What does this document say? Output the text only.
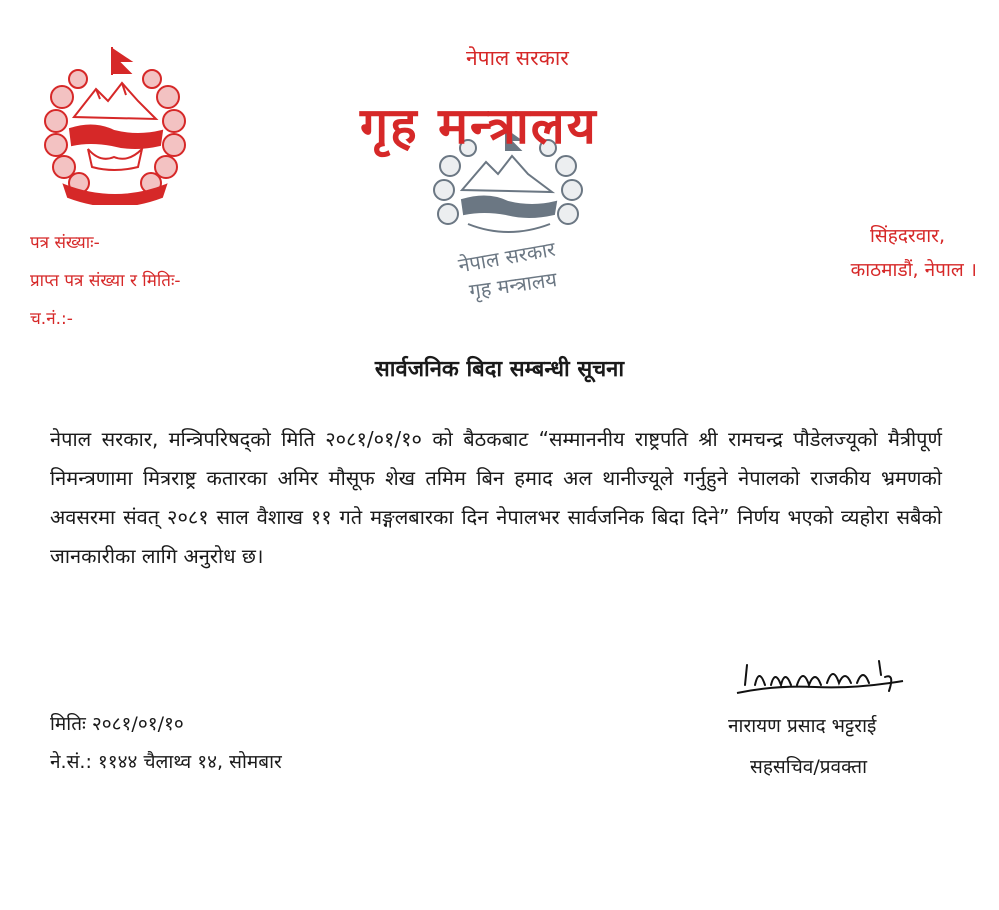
नेपाल सरकार
गृह मन्त्रालय
नेपाल सरकार
गृह मन्त्रालय
पत्र संख्याः-
प्राप्त पत्र संख्या र मितिः-
च.नं.:-
सिंहदरवार,
काठमाडौं, नेपाल ।
सार्वजनिक बिदा सम्बन्धी सूचना

नेपाल सरकार, मन्त्रिपरिषद्को मिति २०८१/०१/१० को बैठकबाट “सम्माननीय राष्ट्रपति श्री रामचन्द्र पौडेलज्यूको मैत्रीपूर्ण निमन्त्रणामा मित्रराष्ट्र कतारका अमिर मौसूफ शेख तमिम बिन हमाद अल थानीज्यूले गर्नुहुने नेपालको राजकीय भ्रमणको अवसरमा संवत् २०८१ साल वैशाख ११ गते मङ्गलबारका दिन नेपालभर सार्वजनिक बिदा दिने” निर्णय भएको व्यहोरा सबैको जानकारीका लागि अनुरोध छ।

मितिः २०८१/०१/१०
ने.सं.: ११४४ चैलाथ्व १४, सोमबार
नारायण प्रसाद भट्टराई
सहसचिव/प्रवक्ता
